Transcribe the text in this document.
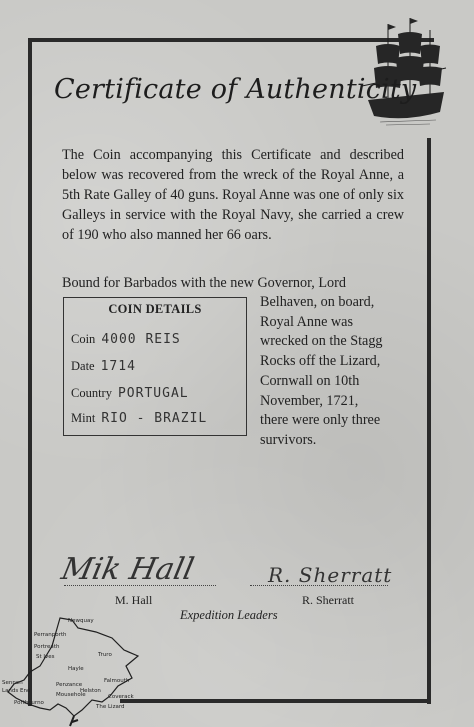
Certificate of Authenticity

The Coin accompanying this Certificate and described below was recovered from the wreck of the Royal Anne, a 5th Rate Galley of 40 guns. Royal Anne was one of only six Galleys in service with the Royal Navy, she carried a crew of 190 who also manned her 66 oars.

Bound for Barbados with the new Governor, Lord

Belhaven, on board,
Royal Anne was
wrecked on the Stagg
Rocks off the Lizard,
Cornwall on 10th
November, 1721,
there were only three
survivors.
COIN DETAILS
Coin 4000 REIS
Date 1714
Country PORTUGAL
Mint RIO - BRAZIL
Mik Hall
M. Hall
R. Sherratt
R. Sherratt
Expedition Leaders
Newquay
Perranporth
Portreath
St Ives
Hayle
Truro
Penzance
Helston
Falmouth
Mousehole
Sennen
Lands End
Porthcurno
Coverack
The Lizard
